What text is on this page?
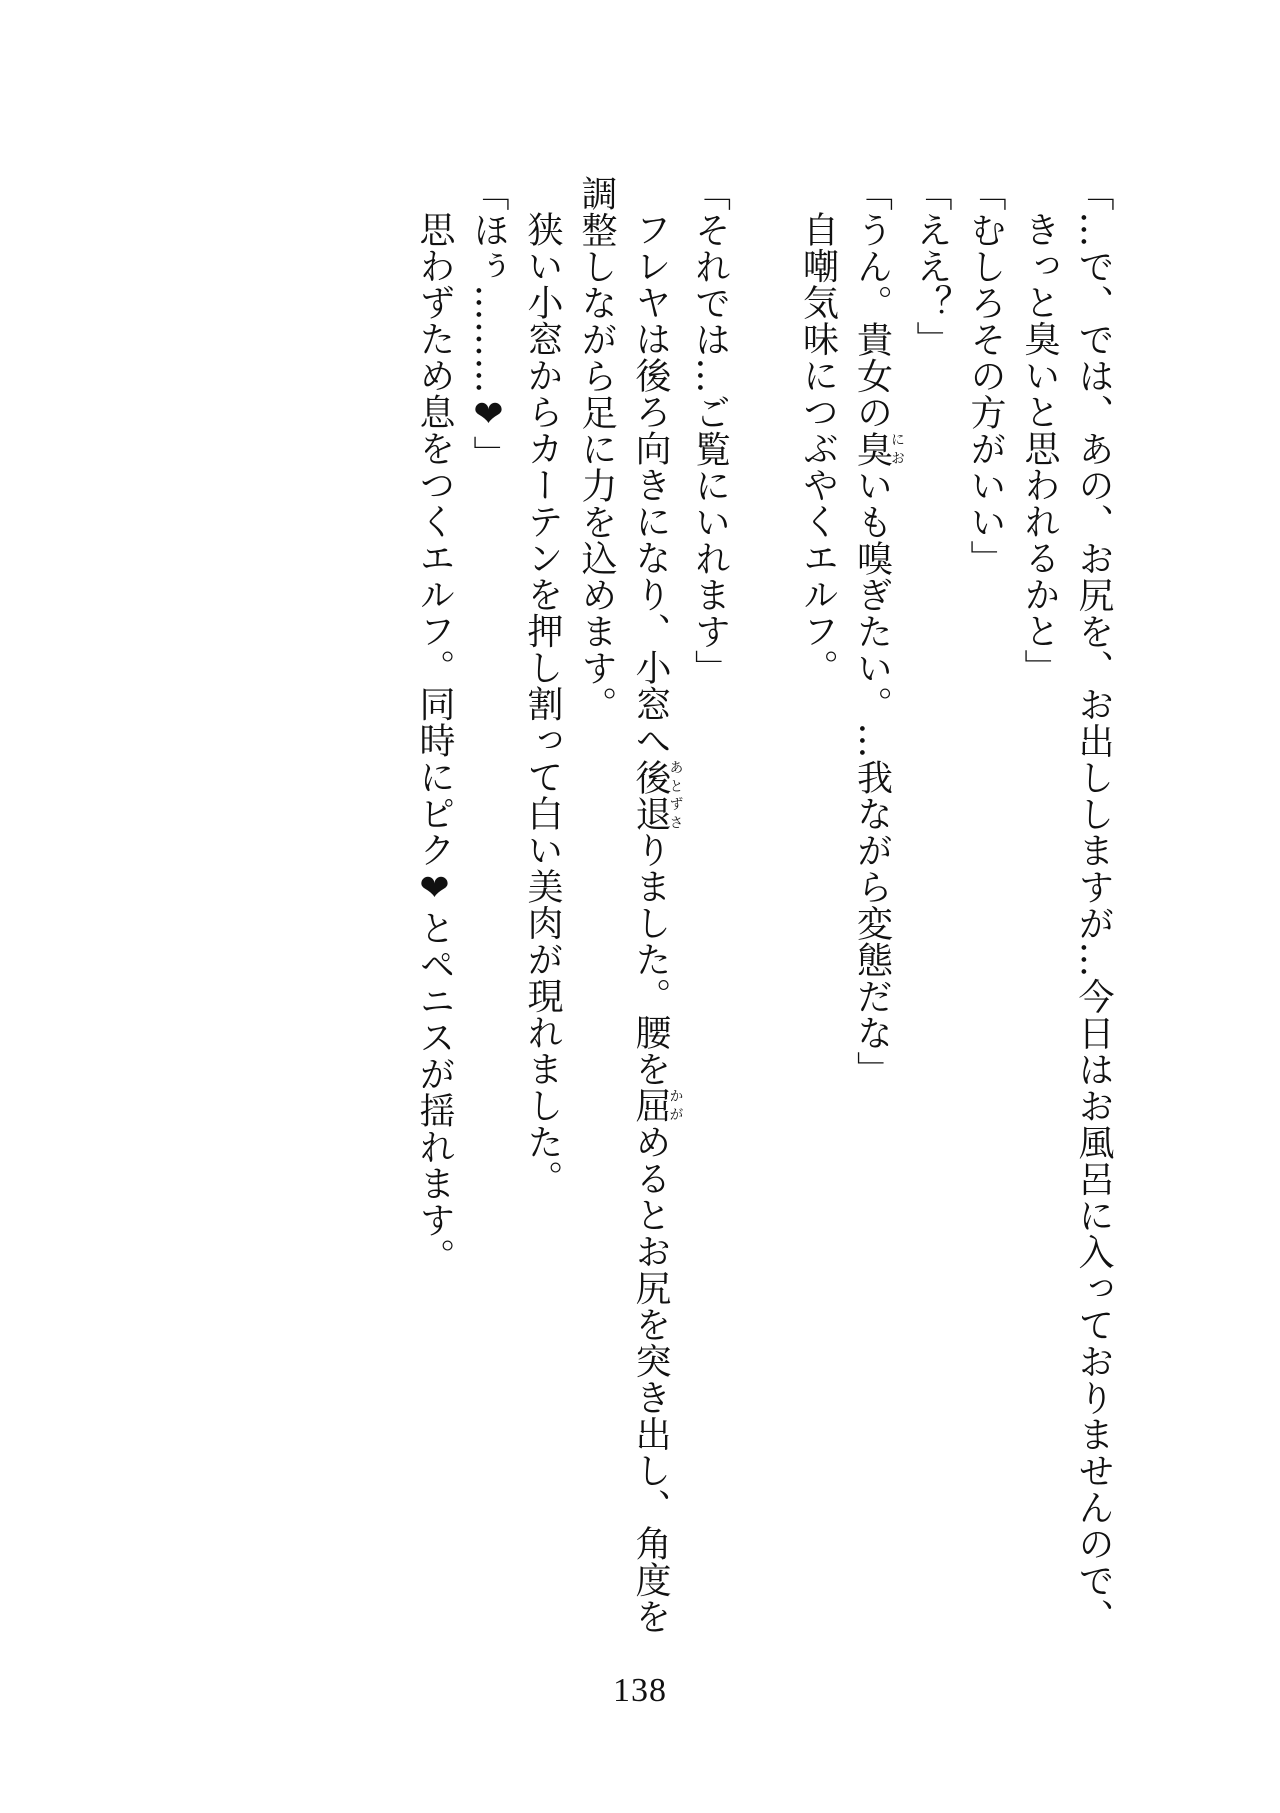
「…で、では、あの、お尻を、お出ししますが…今日はお風呂に入っておりませんので、
きっと臭いと思われるかと」
「むしろその方がいい」
「ええ？」
「うん。貴女の臭においも嗅ぎたい。…我ながら変態だな」
自嘲気味につぶやくエルフ。
「それでは…ご覧にいれます」
フレヤは後ろ向きになり、小窓へ後退あとずさりました。腰を屈かがめるとお尻を突き出し、角度を
調整しながら足に力を込めます。
狭い小窓からカーテンを押し割って白い美肉が現れました。
「ほぅ………❤」
思わずため息をつくエルフ。同時にピク❤とペニスが揺れます。
138
